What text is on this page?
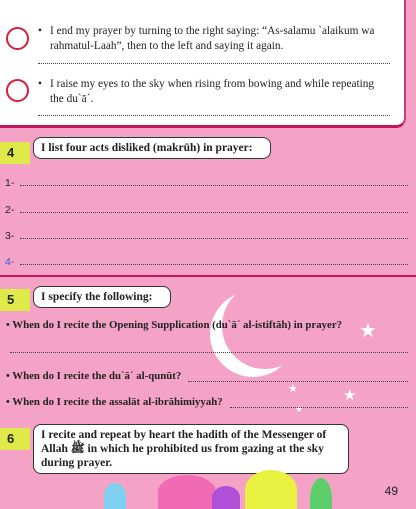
• I end my prayer by turning to the right saying: “As-salamu `alaikum wa rahmatul-Laah”, then to the left and saying it again.
• I raise my eyes to the sky when rising from bowing and while repeating the du`ā´.
4	I list four acts disliked (makrūh) in prayer:
1-
2-
3-
4-
★
★	★
★
★
5	I specify the following:
• When do I recite the Opening Supplication (du`ā´ al-istiftāh) in prayer?
• When do I recite the du`ā´ al-qunūt?
• When do I recite the assalāt al-ibrāhimiyyah?
6	I recite and repeat by heart the hadith of the Messenger of Allah ﷺ in which he prohibited us from gazing at the sky during prayer.
49
